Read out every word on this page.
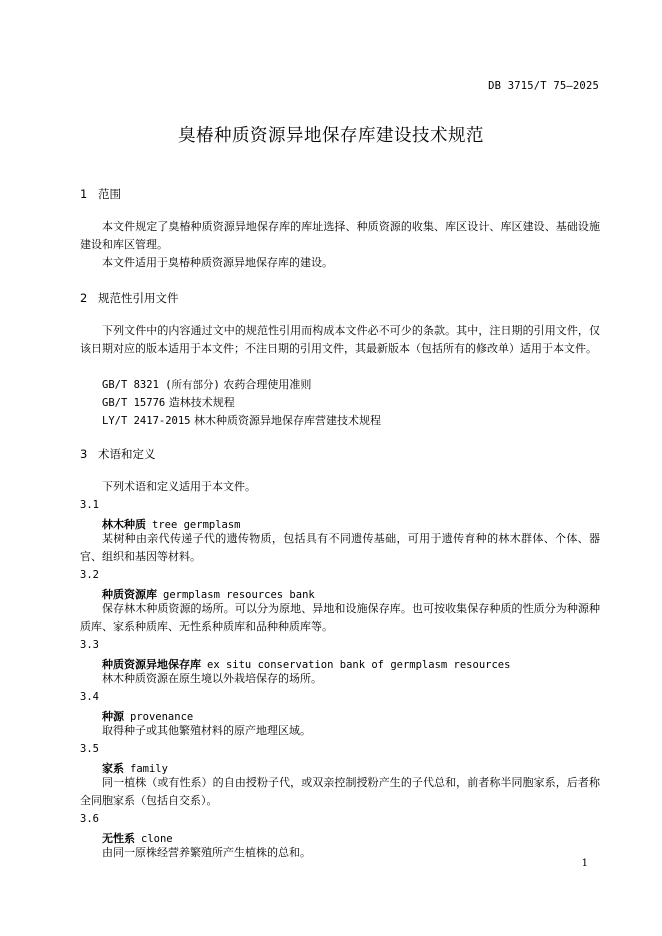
DB 3715/T 75—2025
臭椿种质资源异地保存库建设技术规范
1 范围

本文件规定了臭椿种质资源异地保存库的库址选择、种质资源的收集、库区设计、库区建设、基础设施建设和库区管理。

本文件适用于臭椿种质资源异地保存库的建设。

2 规范性引用文件

下列文件中的内容通过文中的规范性引用而构成本文件必不可少的条款。其中，注日期的引用文件，仅该日期对应的版本适用于本文件；不注日期的引用文件，其最新版本（包括所有的修改单）适用于本文件。

GB/T 8321 (所有部分) 农药合理使用准则
GB/T 15776 造林技术规程
LY/T 2417-2015 林木种质资源异地保存库营建技术规程
3 术语和定义

下列术语和定义适用于本文件。

3.1
林木种质 tree germplasm

某树种由亲代传递子代的遗传物质，包括具有不同遗传基础，可用于遗传育种的林木群体、个体、器官、组织和基因等材料。

3.2
种质资源库 germplasm resources bank

保存林木种质资源的场所。可以分为原地、异地和设施保存库。也可按收集保存种质的性质分为种源种质库、家系种质库、无性系种质库和品种种质库等。

3.3
种质资源异地保存库 ex situ conservation bank of germplasm resources

林木种质资源在原生境以外栽培保存的场所。

3.4
种源 provenance

取得种子或其他繁殖材料的原产地理区域。

3.5
家系 family

同一植株（或有性系）的自由授粉子代，或双亲控制授粉产生的子代总和，前者称半同胞家系，后者称全同胞家系（包括自交系）。

3.6
无性系 clone

由同一原株经营养繁殖所产生植株的总和。

1
